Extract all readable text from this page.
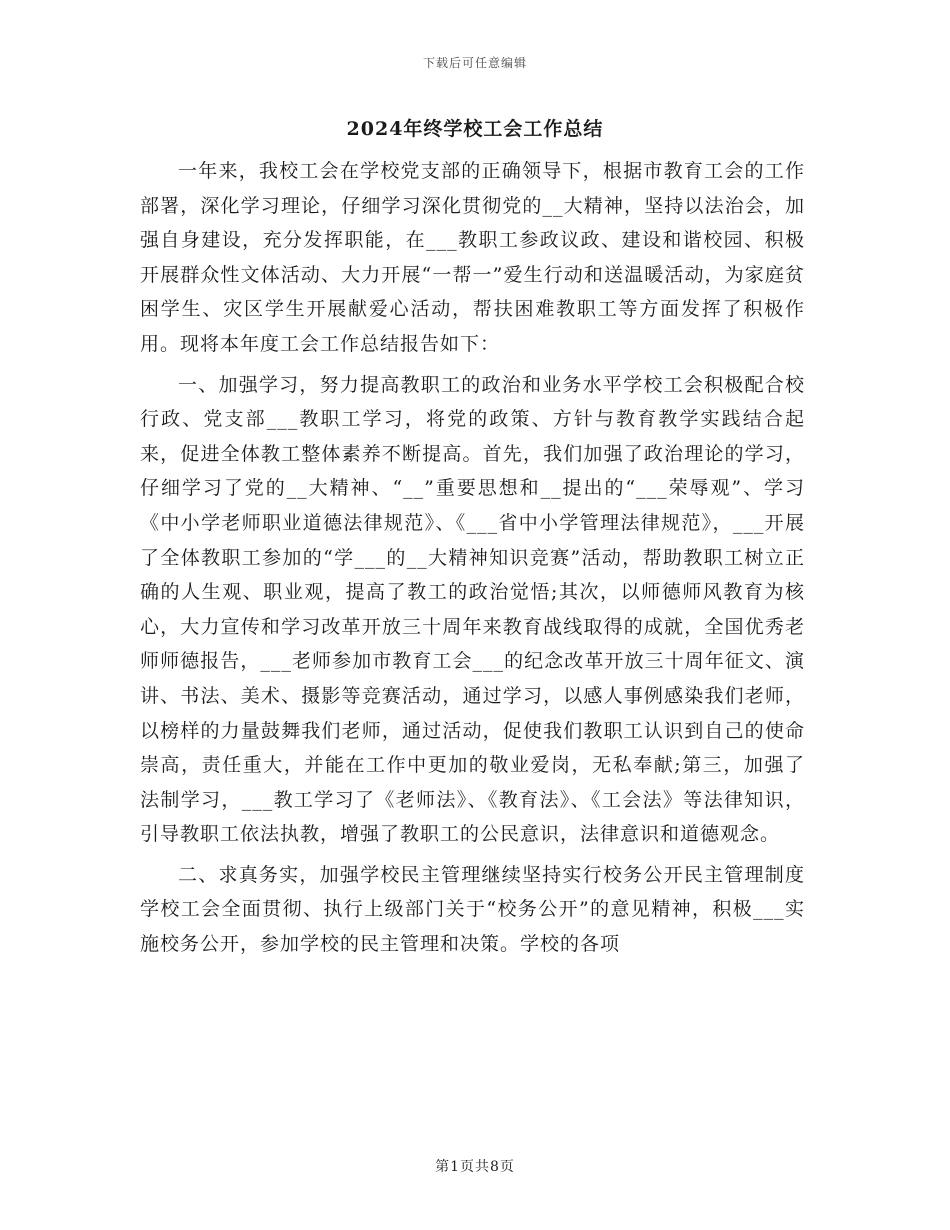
下载后可任意编辑
2024年终学校工会工作总结

一年来，我校工会在学校党支部的正确领导下，根据市教育工会的工作部署，深化学习理论，仔细学习深化贯彻党的__大精神，坚持以法治会，加强自身建设，充分发挥职能，在___教职工参政议政、建设和谐校园、积极开展群众性文体活动、大力开展“一帮一”爱生行动和送温暖活动，为家庭贫困学生、灾区学生开展献爱心活动，帮扶困难教职工等方面发挥了积极作用。现将本年度工会工作总结报告如下：

一、加强学习，努力提高教职工的政治和业务水平学校工会积极配合校行政、党支部___教职工学习，将党的政策、方针与教育教学实践结合起来，促进全体教工整体素养不断提高。首先，我们加强了政治理论的学习，仔细学习了党的__大精神、“__”重要思想和__提出的“___荣辱观”、学习《中小学老师职业道德法律规范》、《___省中小学管理法律规范》，___开展了全体教职工参加的“学___的__大精神知识竞赛”活动，帮助教职工树立正确的人生观、职业观，提高了教工的政治觉悟;其次，以师德师风教育为核心，大力宣传和学习改革开放三十周年来教育战线取得的成就，全国优秀老师师德报告，___老师参加市教育工会___的纪念改革开放三十周年征文、演讲、书法、美术、摄影等竞赛活动，通过学习，以感人事例感染我们老师，以榜样的力量鼓舞我们老师，通过活动，促使我们教职工认识到自己的使命崇高，责任重大，并能在工作中更加的敬业爱岗，无私奉献;第三，加强了法制学习，___教工学习了《老师法》、《教育法》、《工会法》等法律知识，引导教职工依法执教，增强了教职工的公民意识，法律意识和道德观念。

二、求真务实，加强学校民主管理继续坚持实行校务公开民主管理制度学校工会全面贯彻、执行上级部门关于“校务公开”的意见精神，积极___实施校务公开，参加学校的民主管理和决策。学校的各项

第1页共8页
